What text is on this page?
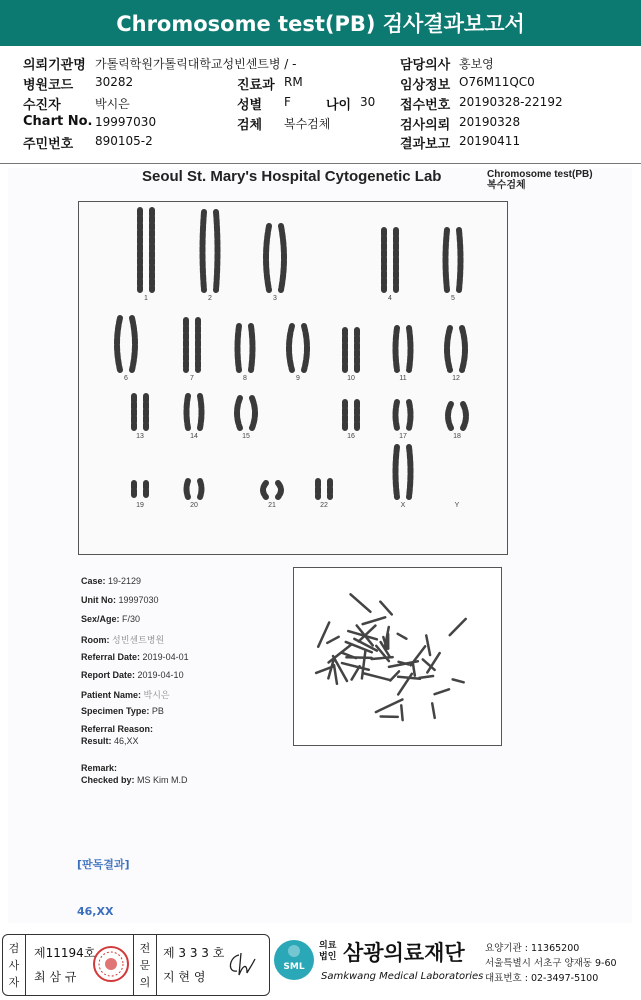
Chromosome test(PB) 검사결과보고서
의뢰기관명 가톨릭학원가톨릭대학교성빈센트병 / -	담당의사 홍보영
병원코드 30282	진료과 RM	임상정보 O76M11QC0
수진자	박시은	성별 F	나이 30 접수번호 20190328-22192
Chart No. 19997030	검체 복수검체	검사의뢰 20190328
주민번호 890105-2	결과보고 20190411
Seoul St. Mary's Hospital Cytogenetic Lab	Chromosome test(PB)
복수검체
1	2	3	4	5
6	7	8	9	10	11	12
13	14	15	16	17	18
19	20	21	22	X	Y
Case: 19-2129
Unit No: 19997030
Sex/Age: F/30
Room: 성빈센트병원
Referral Date: 2019-04-01
Report Date: 2019-04-10
Patient Name: 박시은
Specimen Type: PB
Referral Reason:
Result: 46,XX
Remark:
Checked by: MS Kim M.D
[판독결과]
46,XX
검
사
자
제11194호
최 삼 규
전
문
의
제 3 3 3 호
지 현 영
SML
의료
법인 삼광의료재단
Samkwang Medical Laboratories
요양기관 : 11365200
서울특별시 서초구 양재동 9-60
대표번호 : 02-3497-5100
